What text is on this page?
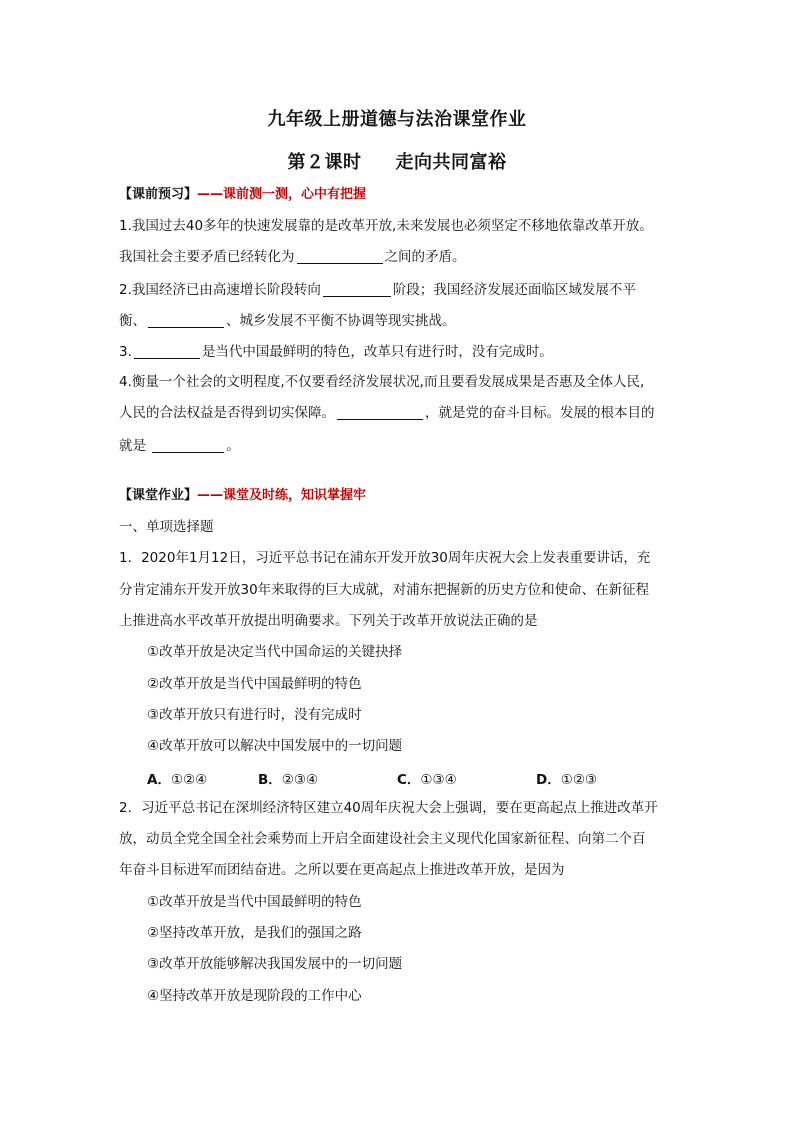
九年级上册道德与法治课堂作业
第２课时 走向共同富裕
【课前预习】——课前测一测，心中有把握
1.我国过去40多年的快速发展靠的是改革开放,未来发展也必须坚定不移地依靠改革开放。
我国社会主要矛盾已经转化为	之间的矛盾。
2.我国经济已由高速增长阶段转向	阶段；我国经济发展还面临区域发展不平
衡、	、城乡发展不平衡不协调等现实挑战。
3.	是当代中国最鲜明的特色，改革只有进行时，没有完成时。
4.衡量一个社会的文明程度,不仅要看经济发展状况,而且要看发展成果是否惠及全体人民,
人民的合法权益是否得到切实保障。	，就是党的奋斗目标。发展的根本目的
就是	。
【课堂作业】——课堂及时练，知识掌握牢
一、单项选择题
1．2020年1月12日，习近平总书记在浦东开发开放30周年庆祝大会上发表重要讲话，充
分肯定浦东开发开放30年来取得的巨大成就，对浦东把握新的历史方位和使命、在新征程
上推进高水平改革开放提出明确要求。下列关于改革开放说法正确的是
①改革开放是决定当代中国命运的关键抉择
②改革开放是当代中国最鲜明的特色
③改革开放只有进行时，没有完成时
④改革开放可以解决中国发展中的一切问题
A．①②④	B．②③④	C．①③④	D．①②③
2．习近平总书记在深圳经济特区建立40周年庆祝大会上强调，要在更高起点上推进改革开
放，动员全党全国全社会乘势而上开启全面建设社会主义现代化国家新征程、向第二个百
年奋斗目标进军而团结奋进。之所以要在更高起点上推进改革开放，是因为
①改革开放是当代中国最鲜明的特色
②坚持改革开放，是我们的强国之路
③改革开放能够解决我国发展中的一切问题
④坚持改革开放是现阶段的工作中心
